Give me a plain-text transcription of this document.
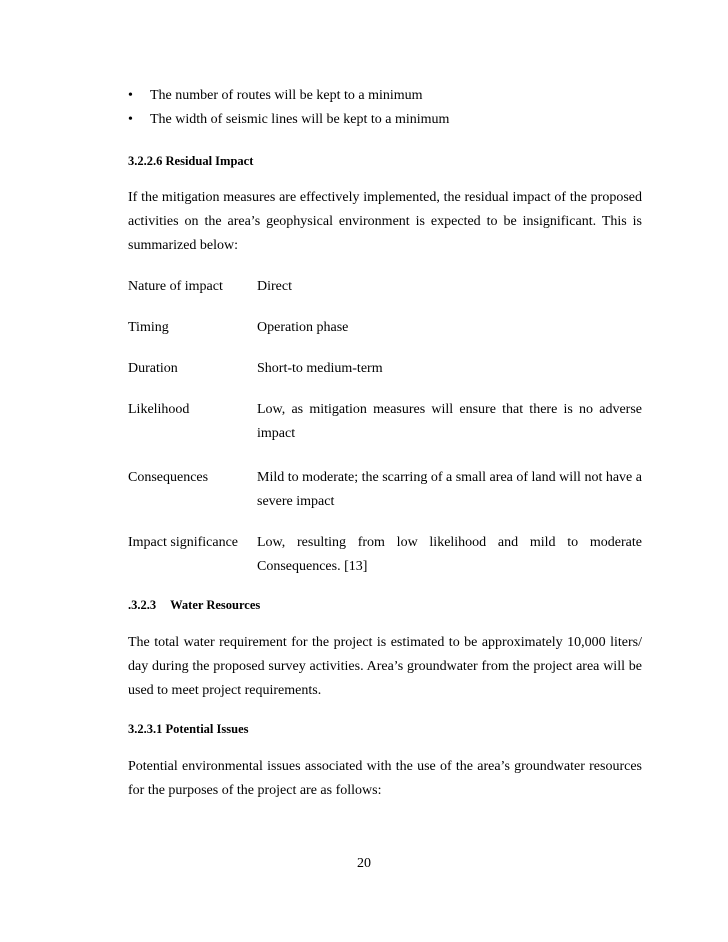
• The number of routes will be kept to a minimum
• The width of seismic lines will be kept to a minimum

3.2.2.6 Residual Impact

If the mitigation measures are effectively implemented, the residual impact of the proposed activities on the area’s geophysical environment is expected to be insignificant. This is summarized below:

Nature of impact	Direct
Timing	Operation phase
Duration	Short-to medium-term
Likelihood	Low, as mitigation measures will ensure that there is no adverse impact
Consequences	Mild to moderate; the scarring of a small area of land will not have a severe impact
Impact significance	Low, resulting from low likelihood and mild to moderate Consequences. [13]

.3.2.3 Water Resources

The total water requirement for the project is estimated to be approximately 10,000 liters/ day during the proposed survey activities. Area’s groundwater from the project area will be used to meet project requirements.

3.2.3.1 Potential Issues

Potential environmental issues associated with the use of the area’s groundwater resources for the purposes of the project are as follows:

20
